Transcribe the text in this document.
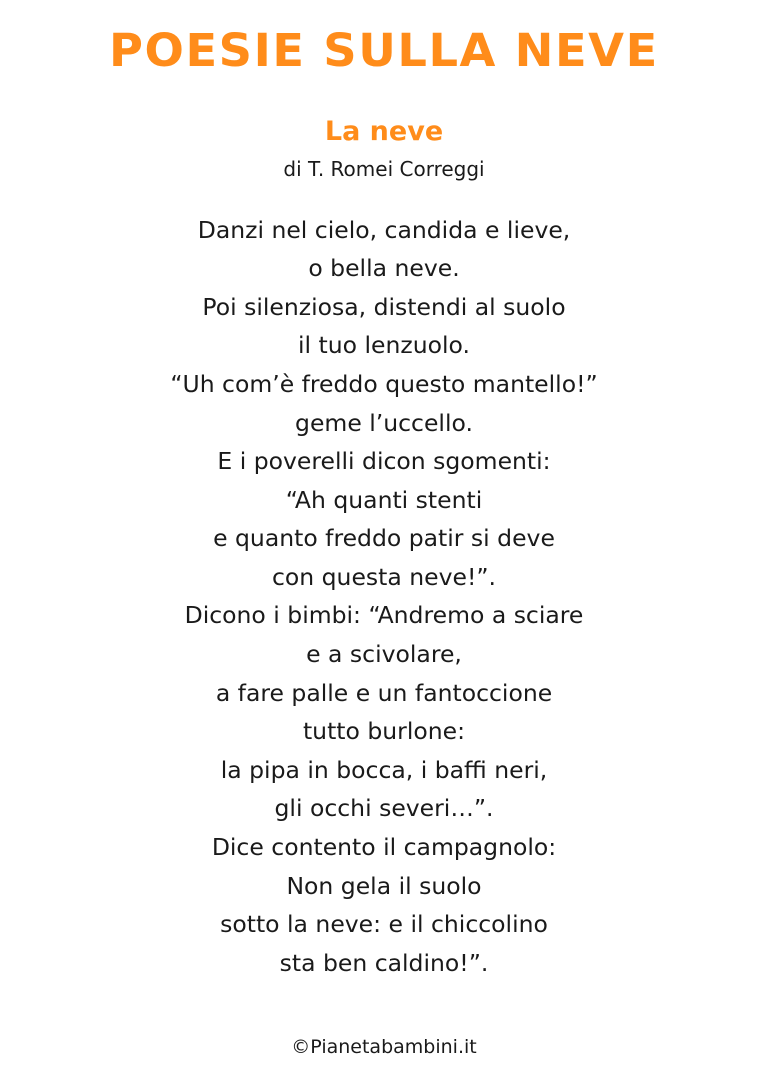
POESIE SULLA NEVE
La neve
di T. Romei Correggi
Danzi nel cielo, candida e lieve,
o bella neve.
Poi silenziosa, distendi al suolo
il tuo lenzuolo.
“Uh com’è freddo questo mantello!”
geme l’uccello.
E i poverelli dicon sgomenti:
“Ah quanti stenti
e quanto freddo patir si deve
con questa neve!”.
Dicono i bimbi: “Andremo a sciare
e a scivolare,
a fare palle e un fantoccione
tutto burlone:
la pipa in bocca, i baffi neri,
gli occhi severi…”.
Dice contento il campagnolo:
Non gela il suolo
sotto la neve: e il chiccolino
sta ben caldino!”.
©Pianetabambini.it
